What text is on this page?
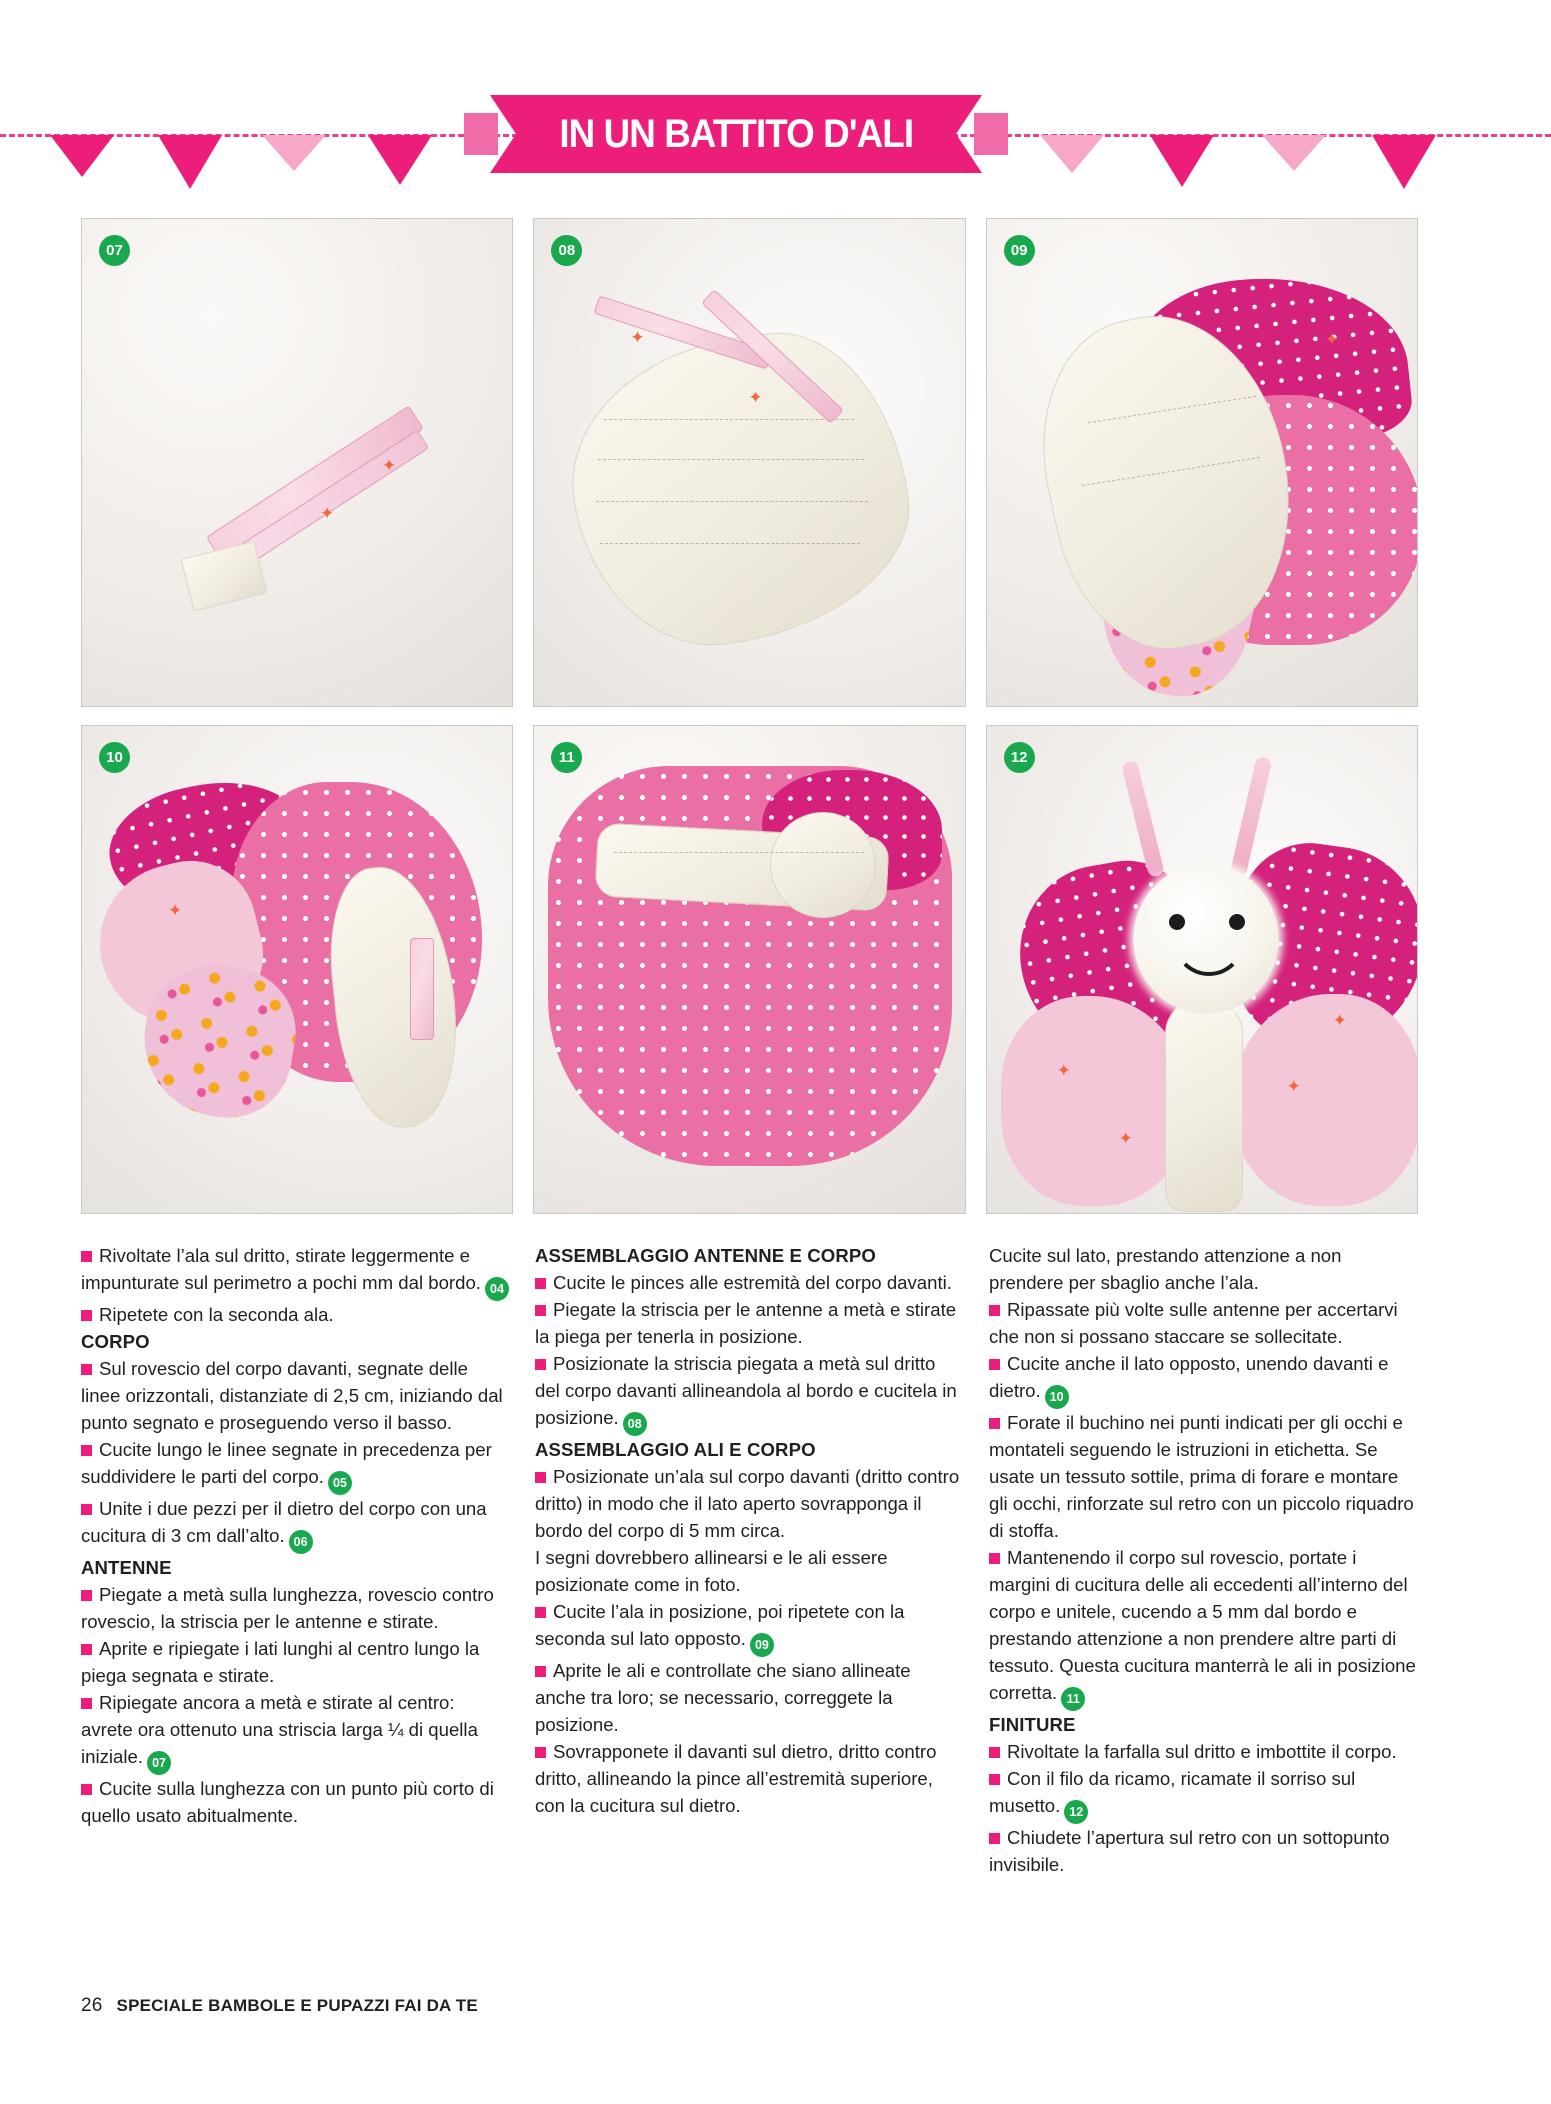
IN UN BATTITO D'ALI
✦
✦
07
✦
✦
08
✦
09
✦
10	11
✦
✦
✦
✦
12

Rivoltate l’ala sul dritto, stirate leggermente e impunturate sul perimetro a pochi mm dal bordo. 04

Ripetete con la seconda ala.

CORPO

Sul rovescio del corpo davanti, segnate delle linee orizzontali, distanziate di 2,5 cm, iniziando dal punto segnato e proseguendo verso il basso.

Cucite lungo le linee segnate in precedenza per suddividere le parti del corpo. 05

Unite i due pezzi per il dietro del corpo con una cucitura di 3 cm dall’alto. 06

ANTENNE

Piegate a metà sulla lunghezza, rovescio contro rovescio, la striscia per le antenne e stirate.

Aprite e ripiegate i lati lunghi al centro lungo la piega segnata e stirate.

Ripiegate ancora a metà e stirate al centro: avrete ora ottenuto una striscia larga ¼ di quella iniziale. 07

Cucite sulla lunghezza con un punto più corto di quello usato abitualmente.

ASSEMBLAGGIO ANTENNE E CORPO

Cucite le pinces alle estremità del corpo davanti.

Piegate la striscia per le antenne a metà e stirate la piega per tenerla in posizione.

Posizionate la striscia piegata a metà sul dritto del corpo davanti allineandola al bordo e cucitela in posizione. 08

ASSEMBLAGGIO ALI E CORPO

Posizionate un’ala sul corpo davanti (dritto contro dritto) in modo che il lato aperto sovrapponga il bordo del corpo di 5 mm circa.

I segni dovrebbero allinearsi e le ali essere posizionate come in foto.

Cucite l’ala in posizione, poi ripetete con la seconda sul lato opposto. 09

Aprite le ali e controllate che siano allineate anche tra loro; se necessario, correggete la posizione.

Sovrapponete il davanti sul dietro, dritto contro dritto, allineando la pince all’estremità superiore, con la cucitura sul dietro.

Cucite sul lato, prestando attenzione a non prendere per sbaglio anche l’ala.

Ripassate più volte sulle antenne per accertarvi che non si possano staccare se sollecitate.

Cucite anche il lato opposto, unendo davanti e dietro. 10

Forate il buchino nei punti indicati per gli occhi e montateli seguendo le istruzioni in etichetta. Se usate un tessuto sottile, prima di forare e montare gli occhi, rinforzate sul retro con un piccolo riquadro di stoffa.

Mantenendo il corpo sul rovescio, portate i margini di cucitura delle ali eccedenti all’interno del corpo e unitele, cucendo a 5 mm dal bordo e prestando attenzione a non prendere altre parti di tessuto. Questa cucitura manterrà le ali in posizione corretta. 11

FINITURE

Rivoltate la farfalla sul dritto e imbottite il corpo.

Con il filo da ricamo, ricamate il sorriso sul musetto. 12

Chiudete l’apertura sul retro con un sottopunto invisibile.

26 SPECIALE BAMBOLE E PUPAZZI FAI DA TE
